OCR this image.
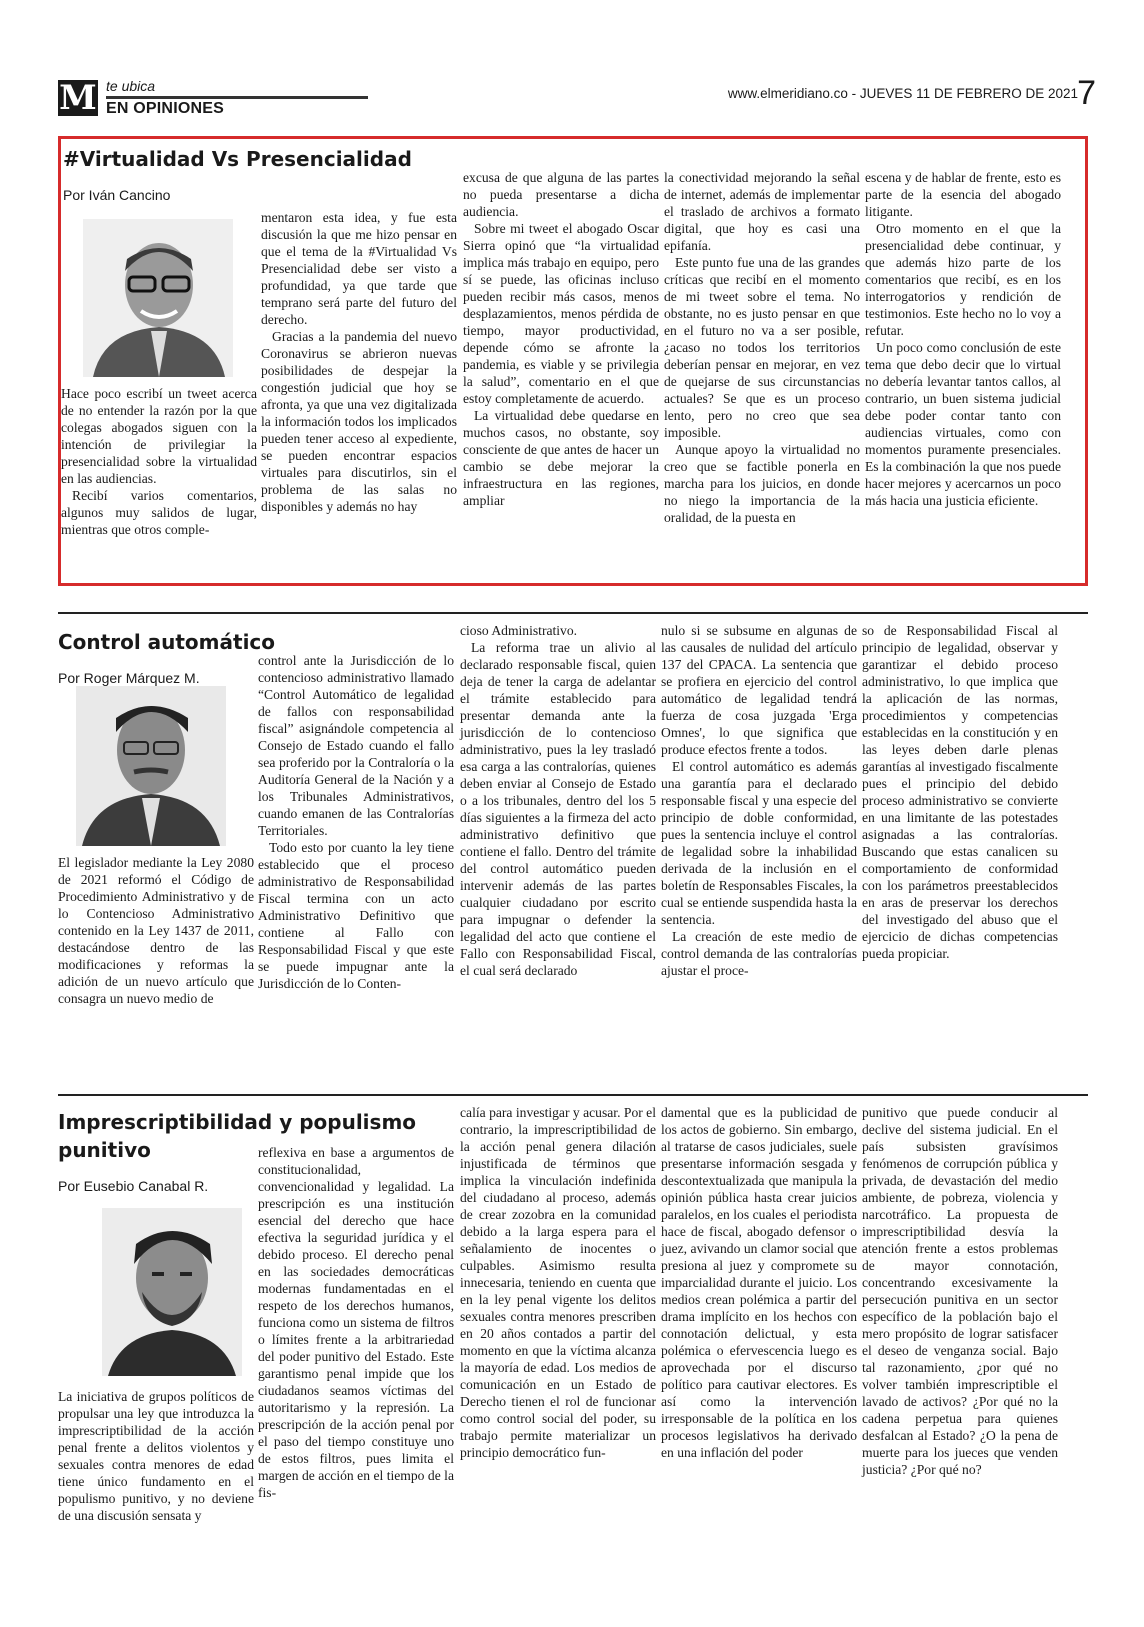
M te ubica
EN OPINIONES
www.elmeridiano.co - JUEVES 11 DE FEBRERO DE 2021 7
#Virtualidad Vs Presencialidad
Por Iván Cancino

Hace poco escribí un tweet acerca de no entender la razón por la que colegas abogados siguen con la intención de privilegiar la presencialidad sobre la virtualidad en las audiencias.

Recibí varios comentarios, algunos muy salidos de lugar, mientras que otros comple-

mentaron esta idea, y fue esta discusión la que me hizo pensar en que el tema de la #Virtualidad Vs Presencialidad debe ser visto a profundidad, ya que tarde que temprano será parte del futuro del derecho.

Gracias a la pandemia del nuevo Coronavirus se abrieron nuevas posibilidades de despejar la congestión judicial que hoy se afronta, ya que una vez digitalizada la información todos los implicados pueden tener acceso al expediente, se pueden encontrar espacios virtuales para discutirlos, sin el problema de las salas no disponibles y además no hay

excusa de que alguna de las partes no pueda presentarse a dicha audiencia.

Sobre mi tweet el abogado Oscar Sierra opinó que “la virtualidad implica más trabajo en equipo, pero sí se puede, las oficinas incluso pueden recibir más casos, menos desplazamientos, menos pérdida de tiempo, mayor productividad, depende cómo se afronte la pandemia, es viable y se privilegia la salud”, comentario en el que estoy completamente de acuerdo.

La virtualidad debe quedarse en muchos casos, no obstante, soy consciente de que antes de hacer un cambio se debe mejorar la infraestructura en las regiones, ampliar

la conectividad mejorando la señal de internet, además de implementar el traslado de archivos a formato digital, que hoy es casi una epifanía.

Este punto fue una de las grandes críticas que recibí en el momento de mi tweet sobre el tema. No obstante, no es justo pensar en que en el futuro no va a ser posible, ¿acaso no todos los territorios deberían pensar en mejorar, en vez de quejarse de sus circunstancias actuales? Se que es un proceso lento, pero no creo que sea imposible.

Aunque apoyo la virtualidad no creo que se factible ponerla en marcha para los juicios, en donde no niego la importancia de la oralidad, de la puesta en

escena y de hablar de frente, esto es parte de la esencia del abogado litigante.

Otro momento en el que la presencialidad debe continuar, y que además hizo parte de los comentarios que recibí, es en los interrogatorios y rendición de testimonios. Este hecho no lo voy a refutar.

Un poco como conclusión de este tema que debo decir que lo virtual no debería levantar tantos callos, al contrario, un buen sistema judicial debe poder contar tanto con audiencias virtuales, como con momentos puramente presenciales. Es la combinación la que nos puede hacer mejores y acercarnos un poco más hacia una justicia eficiente.

Control automático
Por Roger Márquez M.

El legislador mediante la Ley 2080 de 2021 reformó el Código de Procedimiento Administrativo y de lo Contencioso Administrativo contenido en la Ley 1437 de 2011, destacándose dentro de las modificaciones y reformas la adición de un nuevo artículo que consagra un nuevo medio de

control ante la Jurisdicción de lo contencioso administrativo llamado “Control Automático de legalidad de fallos con responsabilidad fiscal” asignándole competencia al Consejo de Estado cuando el fallo sea proferido por la Contraloría o la Auditoría General de la Nación y a los Tribunales Administrativos, cuando emanen de las Contralorías Territoriales.

Todo esto por cuanto la ley tiene establecido que el proceso administrativo de Responsabilidad Fiscal termina con un acto Administrativo Definitivo que contiene al Fallo con Responsabilidad Fiscal y que este se puede impugnar ante la Jurisdicción de lo Conten-

cioso Administrativo.

La reforma trae un alivio al declarado responsable fiscal, quien deja de tener la carga de adelantar el trámite establecido para presentar demanda ante la jurisdicción de lo contencioso administrativo, pues la ley trasladó esa carga a las contralorías, quienes deben enviar al Consejo de Estado o a los tribunales, dentro del los 5 días siguientes a la firmeza del acto administrativo definitivo que contiene el fallo. Dentro del trámite del control automático pueden intervenir además de las partes cualquier ciudadano por escrito para impugnar o defender la legalidad del acto que contiene el Fallo con Responsabilidad Fiscal, el cual será declarado

nulo si se subsume en algunas de las causales de nulidad del artículo 137 del CPACA. La sentencia que se profiera en ejercicio del control automático de legalidad tendrá fuerza de cosa juzgada 'Erga Omnes', lo que significa que produce efectos frente a todos.

El control automático es además una garantía para el declarado responsable fiscal y una especie del principio de doble conformidad, pues la sentencia incluye el control de legalidad sobre la inhabilidad derivada de la inclusión en el boletín de Responsables Fiscales, la cual se entiende suspendida hasta la sentencia.

La creación de este medio de control demanda de las contralorías ajustar el proce-

so de Responsabilidad Fiscal al principio de legalidad, observar y garantizar el debido proceso administrativo, lo que implica que la aplicación de las normas, procedimientos y competencias establecidas en la constitución y en las leyes deben darle plenas garantías al investigado fiscalmente pues el principio del debido proceso administrativo se convierte en una limitante de las potestades asignadas a las contralorías. Buscando que estas canalicen su comportamiento de conformidad con los parámetros preestablecidos en aras de preservar los derechos del investigado del abuso que el ejercicio de dichas competencias pueda propiciar.

Imprescriptibilidad y populismo punitivo
Por Eusebio Canabal R.

La iniciativa de grupos políticos de propulsar una ley que introduzca la imprescriptibilidad de la acción penal frente a delitos violentos y sexuales contra menores de edad tiene único fundamento en el populismo punitivo, y no deviene de una discusión sensata y

reflexiva en base a argumentos de constitucionalidad, convencionalidad y legalidad. La prescripción es una institución esencial del derecho que hace efectiva la seguridad jurídica y el debido proceso. El derecho penal en las sociedades democráticas modernas fundamentadas en el respeto de los derechos humanos, funciona como un sistema de filtros o límites frente a la arbitrariedad del poder punitivo del Estado. Este garantismo penal impide que los ciudadanos seamos víctimas del autoritarismo y la represión. La prescripción de la acción penal por el paso del tiempo constituye uno de estos filtros, pues limita el margen de acción en el tiempo de la fis-

calía para investigar y acusar. Por el contrario, la imprescriptibilidad de la acción penal genera dilación injustificada de términos que implica la vinculación indefinida del ciudadano al proceso, además de crear zozobra en la comunidad debido a la larga espera para el señalamiento de inocentes o culpables. Asimismo resulta innecesaria, teniendo en cuenta que en la ley penal vigente los delitos sexuales contra menores prescriben en 20 años contados a partir del momento en que la víctima alcanza la mayoría de edad. Los medios de comunicación en un Estado de Derecho tienen el rol de funcionar como control social del poder, su trabajo permite materializar un principio democrático fun-

damental que es la publicidad de los actos de gobierno. Sin embargo, al tratarse de casos judiciales, suele presentarse información sesgada y descontextualizada que manipula la opinión pública hasta crear juicios paralelos, en los cuales el periodista hace de fiscal, abogado defensor o juez, avivando un clamor social que presiona al juez y compromete su imparcialidad durante el juicio. Los medios crean polémica a partir del drama implícito en los hechos con connotación delictual, y esta polémica o efervescencia luego es aprovechada por el discurso político para cautivar electores. Es así como la intervención irresponsable de la política en los procesos legislativos ha derivado en una inflación del poder

punitivo que puede conducir al declive del sistema judicial. En el país subsisten gravísimos fenómenos de corrupción pública y privada, de devastación del medio ambiente, de pobreza, violencia y narcotráfico. La propuesta de imprescriptibilidad desvía la atención frente a estos problemas de mayor connotación, concentrando excesivamente la persecución punitiva en un sector específico de la población bajo el mero propósito de lograr satisfacer el deseo de venganza social. Bajo tal razonamiento, ¿por qué no volver también imprescriptible el lavado de activos? ¿Por qué no la cadena perpetua para quienes desfalcan al Estado? ¿O la pena de muerte para los jueces que venden justicia? ¿Por qué no?
